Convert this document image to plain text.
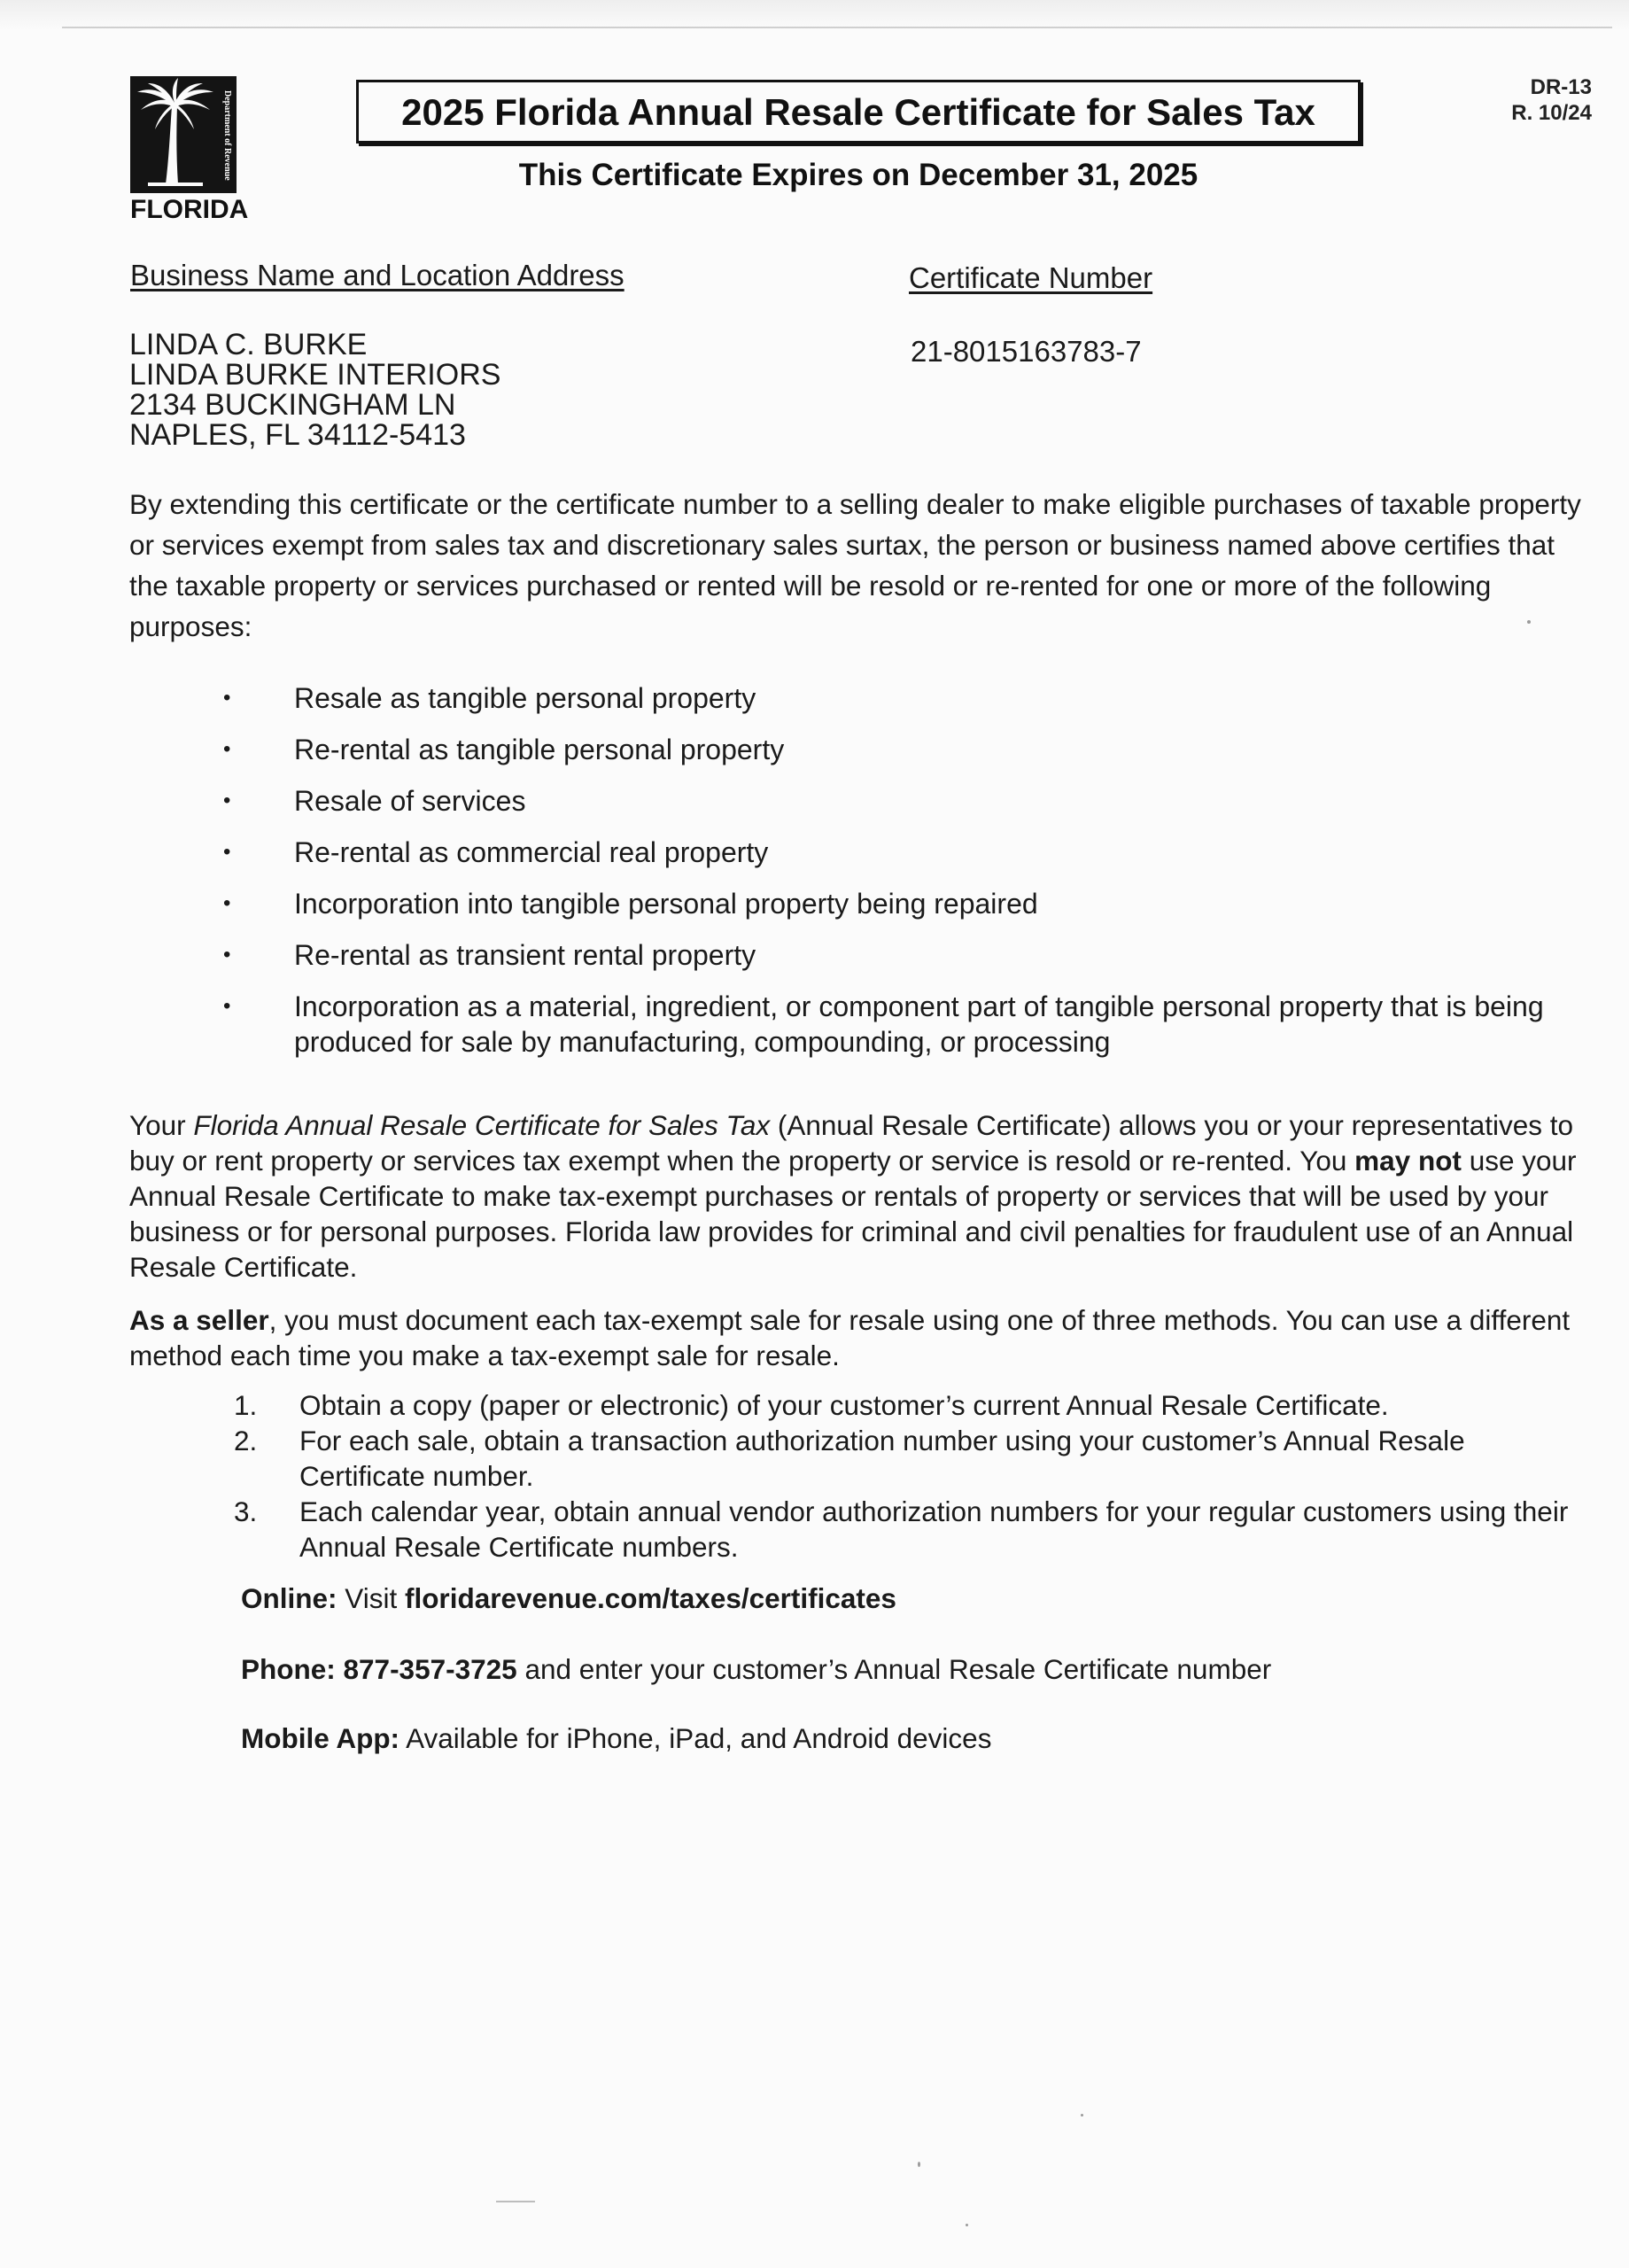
Department of Revenue
FLORIDA
2025 Florida Annual Resale Certificate for Sales Tax
This Certificate Expires on December 31, 2025
DR-13
R. 10/24
Business Name and Location Address	Certificate Number
LINDA C. BURKE
LINDA BURKE INTERIORS
2134 BUCKINGHAM LN
NAPLES, FL 34112-5413
21-8015163783-7
By extending this certificate or the certificate number to a selling dealer to make eligible purchases of taxable property or services exempt from sales tax and discretionary sales surtax, the person or business named above certifies that the taxable property or services purchased or rented will be resold or re-rented for one or more of the following purposes:
• Resale as tangible personal property
• Re-rental as tangible personal property
• Resale of services
• Re-rental as commercial real property
• Incorporation into tangible personal property being repaired
• Re-rental as transient rental property
• Incorporation as a material, ingredient, or component part of tangible personal property that is being produced for sale by manufacturing, compounding, or processing
Your Florida Annual Resale Certificate for Sales Tax (Annual Resale Certificate) allows you or your representatives to buy or rent property or services tax exempt when the property or service is resold or re-rented. You may not use your Annual Resale Certificate to make tax-exempt purchases or rentals of property or services that will be used by your business or for personal purposes. Florida law provides for criminal and civil penalties for fraudulent use of an Annual Resale Certificate.
As a seller, you must document each tax-exempt sale for resale using one of three methods. You can use a different method each time you make a tax-exempt sale for resale.
1. Obtain a copy (paper or electronic) of your customer’s current Annual Resale Certificate.
2. For each sale, obtain a transaction authorization number using your customer’s Annual Resale Certificate number.
3. Each calendar year, obtain annual vendor authorization numbers for your regular customers using their Annual Resale Certificate numbers.
Online: Visit floridarevenue.com/taxes/certificates
Phone: 877-357-3725 and enter your customer’s Annual Resale Certificate number
Mobile App: Available for iPhone, iPad, and Android devices
